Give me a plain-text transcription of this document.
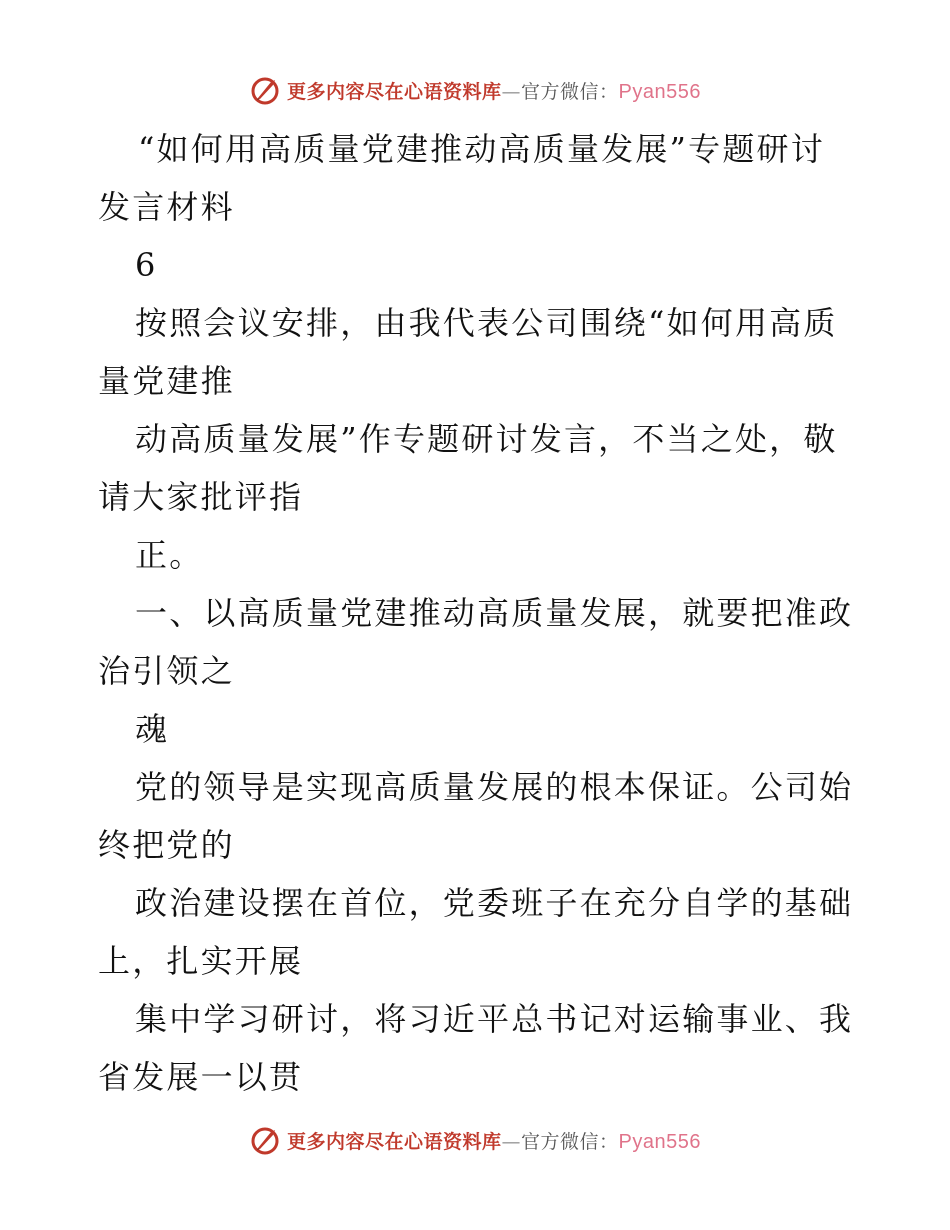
更多内容尽在心语资料库—官方微信：Pyan556
“如何用高质量党建推动高质量发展”专题研讨
发言材料
6
按照会议安排，由我代表公司围绕“如何用高质
量党建推
动高质量发展”作专题研讨发言，不当之处，敬
请大家批评指
正。
一、以高质量党建推动高质量发展，就要把准政
治引领之
魂
党的领导是实现高质量发展的根本保证。公司始
终把党的
政治建设摆在首位，党委班子在充分自学的基础
上，扎实开展
集中学习研讨，将习近平总书记对运输事业、我
省发展一以贯
更多内容尽在心语资料库—官方微信：Pyan556
